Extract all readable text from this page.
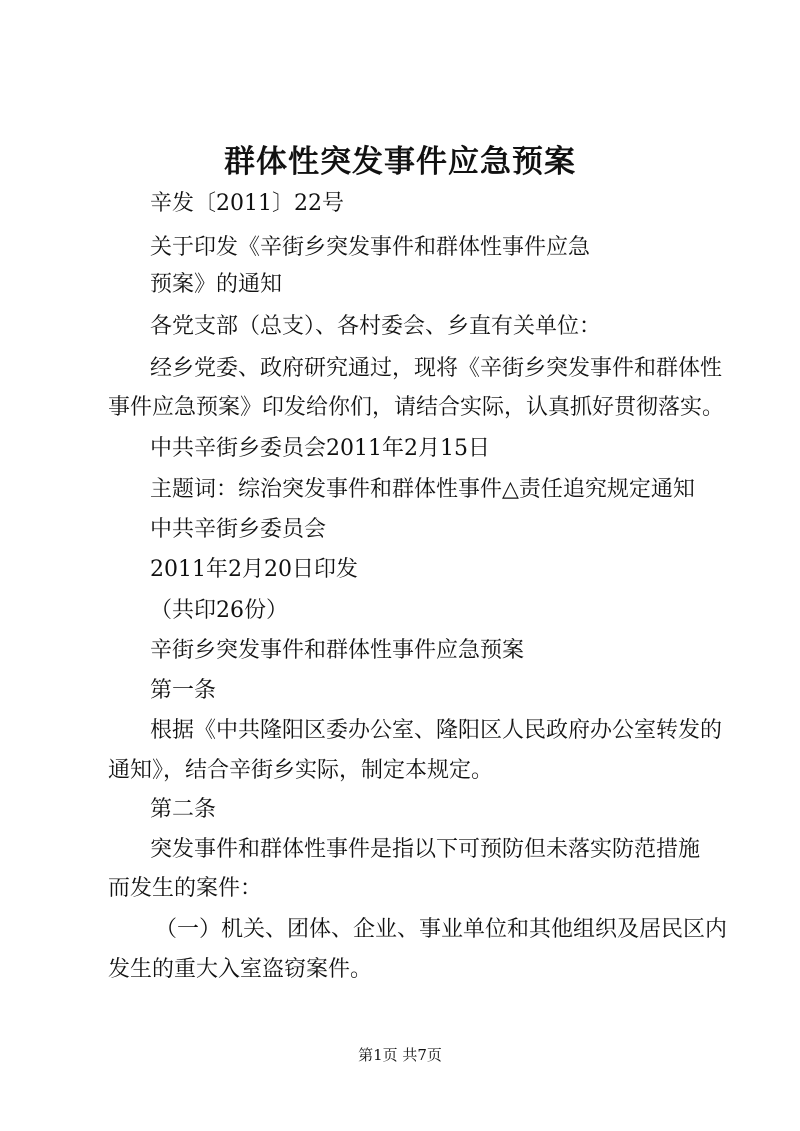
群体性突发事件应急预案
辛发〔2011〕22号
关于印发《辛街乡突发事件和群体性事件应急
预案》的通知
各党支部（总支）、各村委会、乡直有关单位：
经乡党委、政府研究通过，现将《辛街乡突发事件和群体性
事件应急预案》印发给你们，请结合实际，认真抓好贯彻落实。
中共辛街乡委员会2011年2月15日
主题词：综治突发事件和群体性事件△责任追究规定通知
中共辛街乡委员会
2011年2月20日印发
（共印26份）
辛街乡突发事件和群体性事件应急预案
第一条
根据《中共隆阳区委办公室、隆阳区人民政府办公室转发的
通知》，结合辛街乡实际，制定本规定。
第二条
突发事件和群体性事件是指以下可预防但未落实防范措施
而发生的案件：
（一）机关、团体、企业、事业单位和其他组织及居民区内
发生的重大入室盗窃案件。
第1页 共7页
